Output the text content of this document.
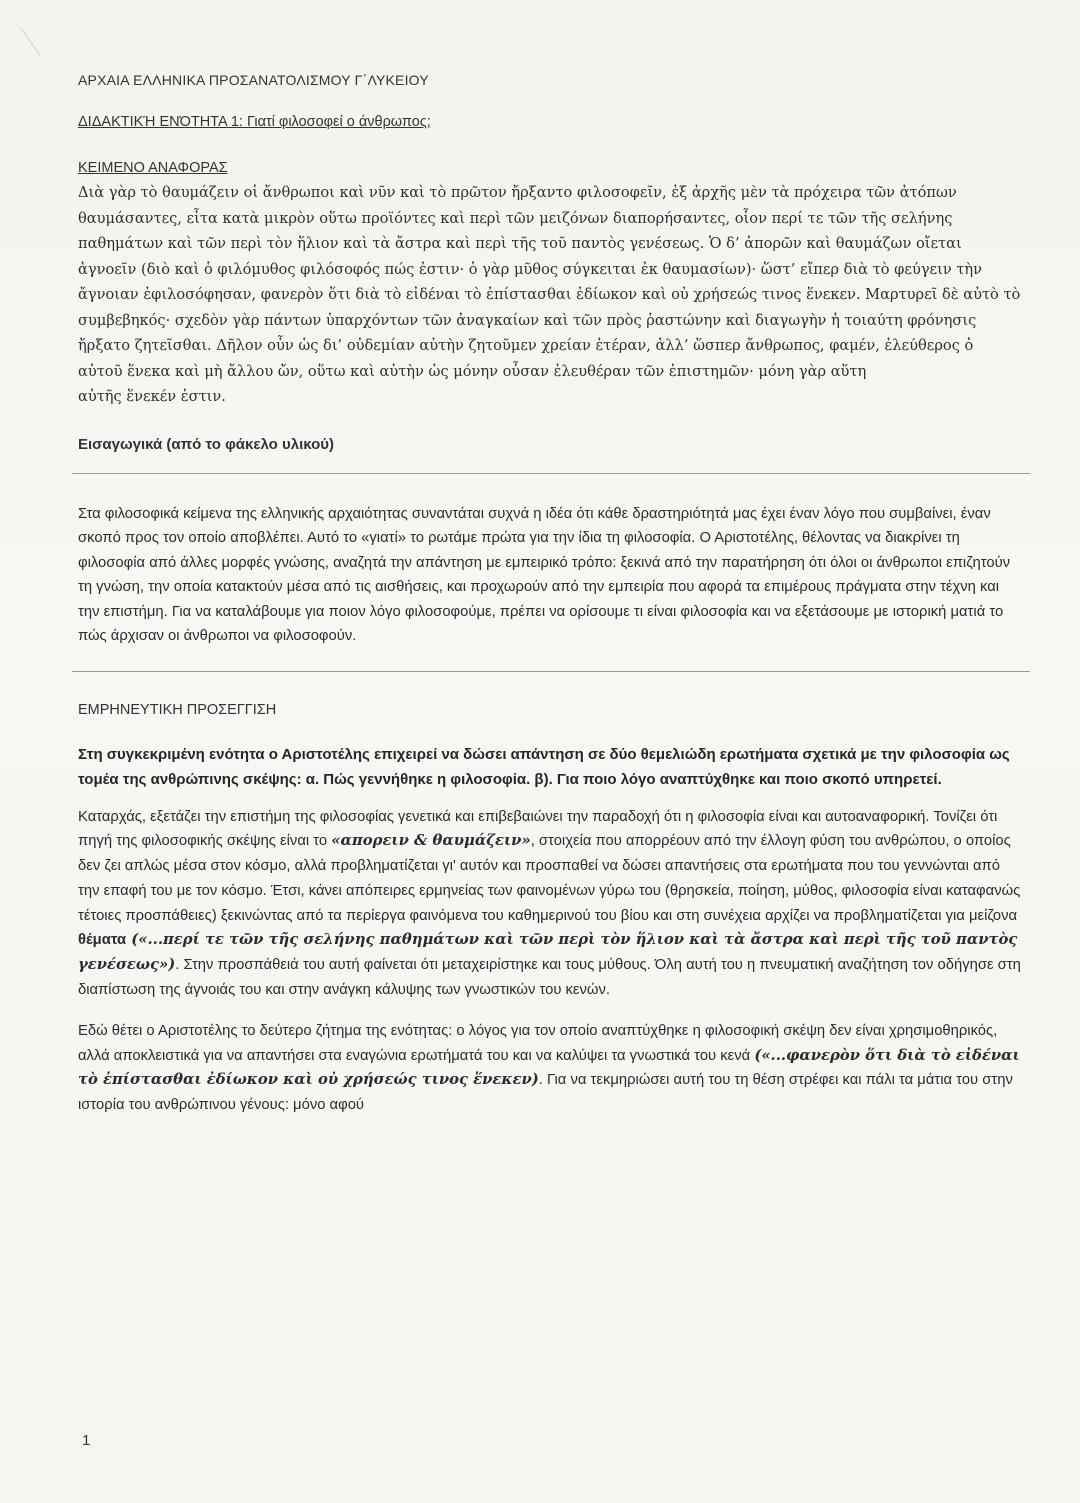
ΑΡΧΑΙΑ ΕΛΛΗΝΙΚΑ ΠΡΟΣΑΝΑΤΟΛΙΣΜΟΥ Γ΄ΛΥΚΕΙΟΥ
ΔΙΔΑΚΤΙΚΉ ΕΝΌΤΗΤΑ 1: Γιατί φιλοσοφεί ο άνθρωπος;
ΚΕΙΜΕΝΟ ΑΝΑΦΟΡΑΣ

Διὰ γὰρ τὸ θαυμάζειν οἱ ἄνθρωποι καὶ νῦν καὶ τὸ πρῶτον ἤρξαντο φιλοσοφεῖν, ἐξ ἀρχῆς μὲν τὰ πρόχειρα τῶν ἀτόπων θαυμάσαντες, εἶτα κατὰ μικρὸν οὕτω προϊόντες καὶ περὶ τῶν μειζόνων διαπορήσαντες, οἷον περί τε τῶν τῆς σελήνης παθημάτων καὶ τῶν περὶ τὸν ἥλιον καὶ τὰ ἄστρα καὶ περὶ τῆς τοῦ παντὸς γενέσεως. Ὁ δ’ ἀπορῶν καὶ θαυμάζων οἴεται ἀγνοεῖν (διὸ καὶ ὁ φιλόμυθος φιλόσοφός πώς ἐστιν· ὁ γὰρ μῦθος σύγκειται ἐκ θαυμασίων)· ὥστ’ εἴπερ διὰ τὸ φεύγειν τὴν ἄγνοιαν ἐφιλοσόφησαν, φανερὸν ὅτι διὰ τὸ εἰδέναι τὸ ἐπίστασθαι ἐδίωκον καὶ οὐ χρήσεώς τινος ἕνεκεν. Μαρτυρεῖ δὲ αὐτὸ τὸ συμβεβηκός· σχεδὸν γὰρ πάντων ὑπαρχόντων τῶν ἀναγκαίων καὶ τῶν πρὸς ῥαστώνην καὶ διαγωγὴν ἡ τοιαύτη φρόνησις ἤρξατο ζητεῖσθαι. Δῆλον οὖν ὡς δι’ οὐδεμίαν αὐτὴν ζητοῦμεν χρείαν ἑτέραν, ἀλλ’ ὥσπερ ἄνθρωπος, φαμέν, ἐλεύθερος ὁ αὑτοῦ ἕνεκα καὶ μὴ ἄλλου ὤν, οὕτω καὶ αὐτὴν ὡς μόνην οὖσαν ἐλευθέραν τῶν ἐπιστημῶν· μόνη γὰρ αὕτη

αὑτῆς ἕνεκέν ἐστιν.

Εισαγωγικά (από το φάκελο υλικού)
Στα φιλοσοφικά κείμενα της ελληνικής αρχαιότητας συναντάται συχνά η ιδέα ότι κάθε δραστηριότητά μας έχει έναν λόγο που συμβαίνει, έναν σκοπό προς τον οποίο αποβλέπει. Αυτό το «γιατί» το ρωτάμε πρώτα για την ίδια τη φιλοσοφία. Ο Αριστοτέλης, θέλοντας να διακρίνει τη φιλοσοφία από άλλες μορφές γνώσης, αναζητά την απάντηση με εμπειρικό τρόπο: ξεκινά από την παρατήρηση ότι όλοι οι άνθρωποι επιζητούν τη γνώση, την οποία κατακτούν μέσα από τις αισθήσεις, και προχωρούν από την εμπειρία που αφορά τα επιμέρους πράγματα στην τέχνη και την επιστήμη. Για να καταλάβουμε για ποιον λόγο φιλοσοφούμε, πρέπει να ορίσουμε τι είναι φιλοσοφία και να εξετάσουμε με ιστορική ματιά το πώς άρχισαν οι άνθρωποι να φιλοσοφούν.
ΕΜΡΗΝΕΥΤΙΚΗ ΠΡΟΣΕΓΓΙΣΗ
Στη συγκεκριμένη ενότητα ο Αριστοτέλης επιχειρεί να δώσει απάντηση σε δύο θεμελιώδη ερωτήματα σχετικά με την φιλοσοφία ως τομέα της ανθρώπινης σκέψης: α. Πώς γεννήθηκε η φιλοσοφία. β). Για ποιο λόγο αναπτύχθηκε και ποιο σκοπό υπηρετεί.
Καταρχάς, εξετάζει την επιστήμη της φιλοσοφίας γενετικά και επιβεβαιώνει την παραδοχή ότι η φιλοσοφία είναι και αυτοαναφορική. Τονίζει ότι πηγή της φιλοσοφικής σκέψης είναι το «απορειν & θαυμάζειν», στοιχεία που απορρέουν από την έλλογη φύση του ανθρώπου, ο οποίος δεν ζει απλώς μέσα στον κόσμο, αλλά προβληματίζεται γι' αυτόν και προσπαθεί να δώσει απαντήσεις στα ερωτήματα που του γεννώνται από την επαφή του με τον κόσμο. Έτσι, κάνει απόπειρες ερμηνείας των φαινομένων γύρω του (θρησκεία, ποίηση, μύθος, φιλοσοφία είναι καταφανώς τέτοιες προσπάθειες) ξεκινώντας από τα περίεργα φαινόμενα του καθημερινού του βίου και στη συνέχεια αρχίζει να προβληματίζεται για μείζονα θέματα («...περί τε τῶν τῆς σελήνης παθημάτων καὶ τῶν περὶ τὸν ἥλιον καὶ τὰ ἄστρα καὶ περὶ τῆς τοῦ παντὸς γενέσεως»). Στην προσπάθειά του αυτή φαίνεται ότι μεταχειρίστηκε και τους μύθους. Όλη αυτή του η πνευματική αναζήτηση τον οδήγησε στη διαπίστωση της άγνοιάς του και στην ανάγκη κάλυψης των γνωστικών του κενών.
Εδώ θέτει ο Αριστοτέλης το δεύτερο ζήτημα της ενότητας: ο λόγος για τον οποίο αναπτύχθηκε η φιλοσοφική σκέψη δεν είναι χρησιμοθηρικός, αλλά αποκλειστικά για να απαντήσει στα εναγώνια ερωτήματά του και να καλύψει τα γνωστικά του κενά («...φανερὸν ὅτι διὰ τὸ εἰδέναι τὸ ἐπίστασθαι ἐδίωκον καὶ οὐ χρήσεώς τινος ἕνεκεν). Για να τεκμηριώσει αυτή του τη θέση στρέφει και πάλι τα μάτια του στην ιστορία του ανθρώπινου γένους: μόνο αφού
1
